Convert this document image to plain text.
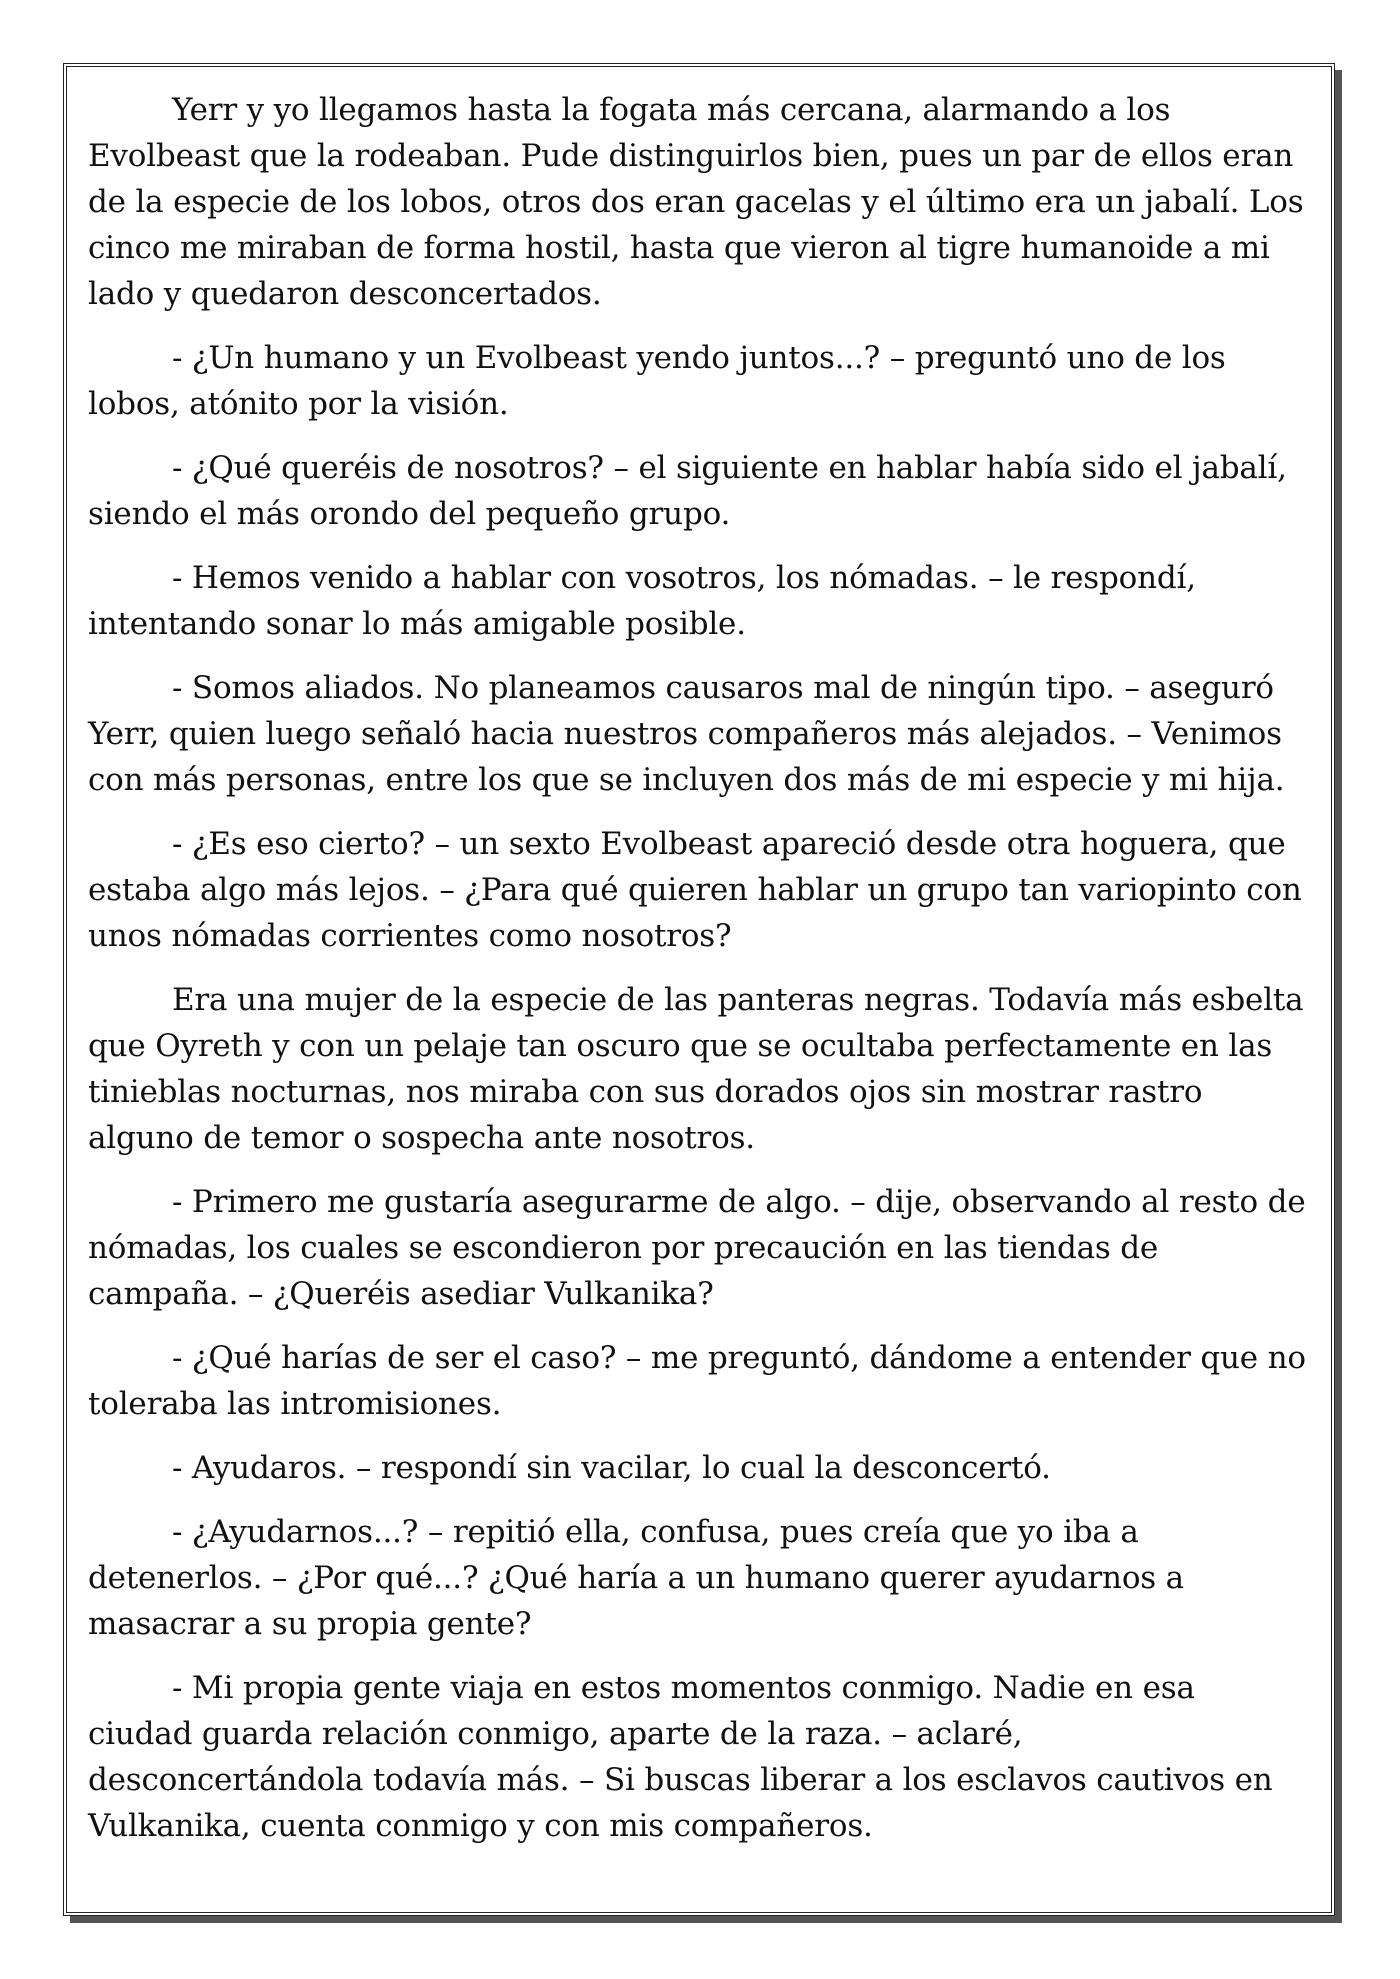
Yerr y yo llegamos hasta la fogata más cercana, alarmando a los Evolbeast que la rodeaban. Pude distinguirlos bien, pues un par de ellos eran de la especie de los lobos, otros dos eran gacelas y el último era un jabalí. Los cinco me miraban de forma hostil, hasta que vieron al tigre humanoide a mi lado y quedaron desconcertados.

- ¿Un humano y un Evolbeast yendo juntos...? – preguntó uno de los lobos, atónito por la visión.

- ¿Qué queréis de nosotros? – el siguiente en hablar había sido el jabalí, siendo el más orondo del pequeño grupo.

- Hemos venido a hablar con vosotros, los nómadas. – le respondí, intentando sonar lo más amigable posible.

- Somos aliados. No planeamos causaros mal de ningún tipo. – aseguró Yerr, quien luego señaló hacia nuestros compañeros más alejados. – Venimos con más personas, entre los que se incluyen dos más de mi especie y mi hija.

- ¿Es eso cierto? – un sexto Evolbeast apareció desde otra hoguera, que estaba algo más lejos. – ¿Para qué quieren hablar un grupo tan variopinto con unos nómadas corrientes como nosotros?

Era una mujer de la especie de las panteras negras. Todavía más esbelta que Oyreth y con un pelaje tan oscuro que se ocultaba perfectamente en las tinieblas nocturnas, nos miraba con sus dorados ojos sin mostrar rastro alguno de temor o sospecha ante nosotros.

- Primero me gustaría asegurarme de algo. – dije, observando al resto de nómadas, los cuales se escondieron por precaución en las tiendas de campaña. – ¿Queréis asediar Vulkanika?

- ¿Qué harías de ser el caso? – me preguntó, dándome a entender que no toleraba las intromisiones.

- Ayudaros. – respondí sin vacilar, lo cual la desconcertó.

- ¿Ayudarnos...? – repitió ella, confusa, pues creía que yo iba a detenerlos. – ¿Por qué...? ¿Qué haría a un humano querer ayudarnos a masacrar a su propia gente?

- Mi propia gente viaja en estos momentos conmigo. Nadie en esa ciudad guarda relación conmigo, aparte de la raza. – aclaré, desconcertándola todavía más. – Si buscas liberar a los esclavos cautivos en Vulkanika, cuenta conmigo y con mis compañeros.
